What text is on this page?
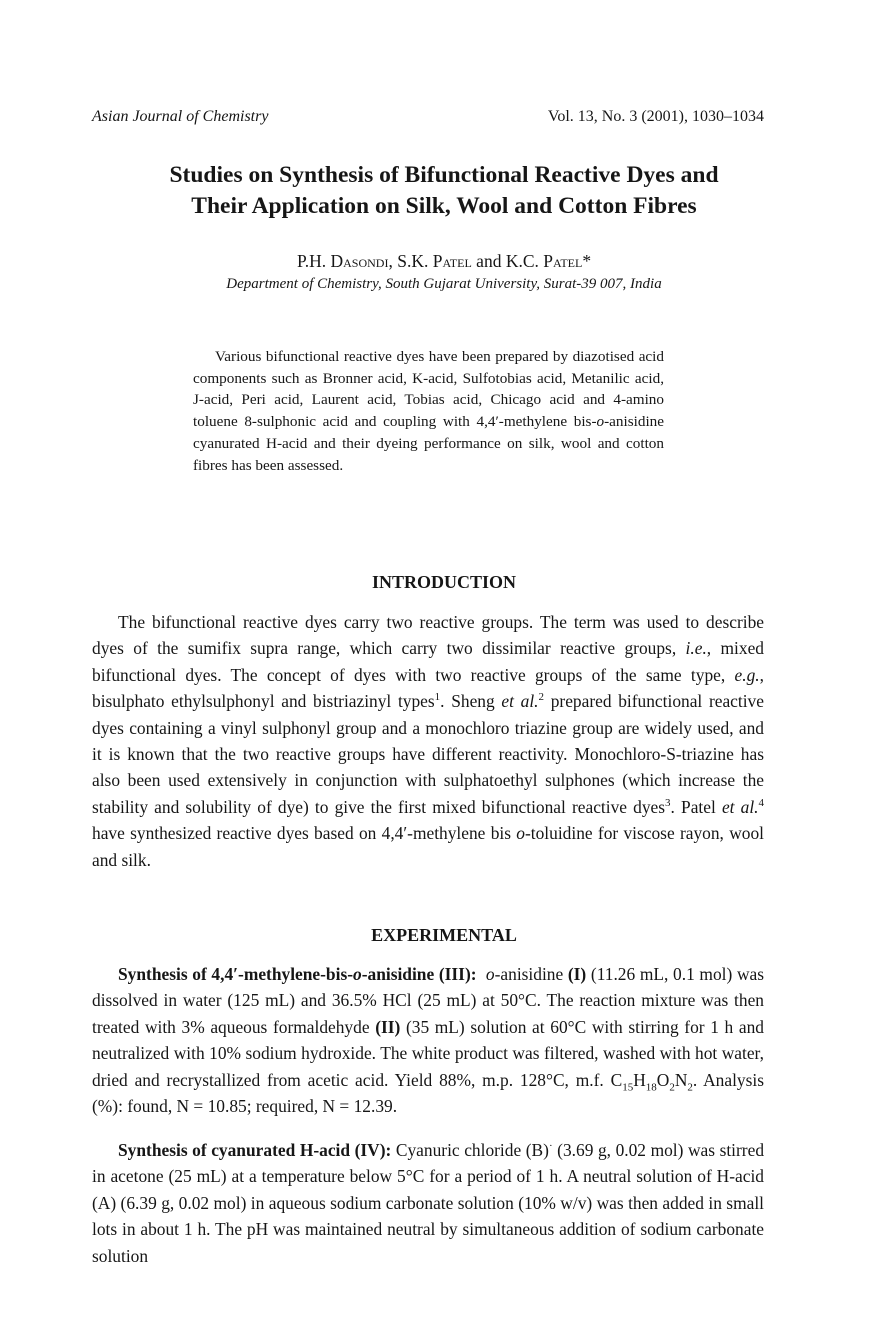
Asian Journal of Chemistry	Vol. 13, No. 3 (2001), 1030–1034
Studies on Synthesis of Bifunctional Reactive Dyes and
Their Application on Silk, Wool and Cotton Fibres
P.H. Dasondi, S.K. Patel and K.C. Patel*
Department of Chemistry, South Gujarat University, Surat-39 007, India
Various bifunctional reactive dyes have been prepared by diazotised acid components such as Bronner acid, K-acid, Sulfotobias acid, Metanilic acid, J-acid, Peri acid, Laurent acid, Tobias acid, Chicago acid and 4-amino toluene 8-sulphonic acid and coupling with 4,4′-methylene bis-o-anisidine cyanurated H-acid and their dyeing performance on silk, wool and cotton fibres has been assessed.
INTRODUCTION
The bifunctional reactive dyes carry two reactive groups. The term was used to describe dyes of the sumifix supra range, which carry two dissimilar reactive groups, i.e., mixed bifunctional dyes. The concept of dyes with two reactive groups of the same type, e.g., bisulphato ethylsulphonyl and bistriazinyl types$^1$. Sheng et al.$^2$ prepared bifunctional reactive dyes containing a vinyl sulphonyl group and a monochloro triazine group are widely used, and it is known that the two reactive groups have different reactivity. Monochloro-S-triazine has also been used extensively in conjunction with sulphatoethyl sulphones (which increase the stability and solubility of dye) to give the first mixed bifunctional reactive dyes$^3$. Patel et al.$^4$ have synthesized reactive dyes based on 4,4′-methylene bis o-toluidine for viscose rayon, wool and silk.
EXPERIMENTAL
Synthesis of 4,4′-methylene-bis-o-anisidine (III): o-anisidine (I) (11.26 mL, 0.1 mol) was dissolved in water (125 mL) and 36.5% HCl (25 mL) at 50°C. The reaction mixture was then treated with 3% aqueous formaldehyde (II) (35 mL) solution at 60°C with stirring for 1 h and neutralized with 10% sodium hydroxide. The white product was filtered, washed with hot water, dried and recrystallized from acetic acid. Yield 88%, m.p. 128°C, m.f. $C_{15}H_{18}O_2N_2$. Analysis (%): found, N = 10.85; required, N = 12.39.
Synthesis of cyanurated H-acid (IV): Cyanuric chloride (B)· (3.69 g, 0.02 mol) was stirred in acetone (25 mL) at a temperature below 5°C for a period of 1 h. A neutral solution of H-acid (A) (6.39 g, 0.02 mol) in aqueous sodium carbonate solution (10% w/v) was then added in small lots in about 1 h. The pH was maintained neutral by simultaneous addition of sodium carbonate solution
